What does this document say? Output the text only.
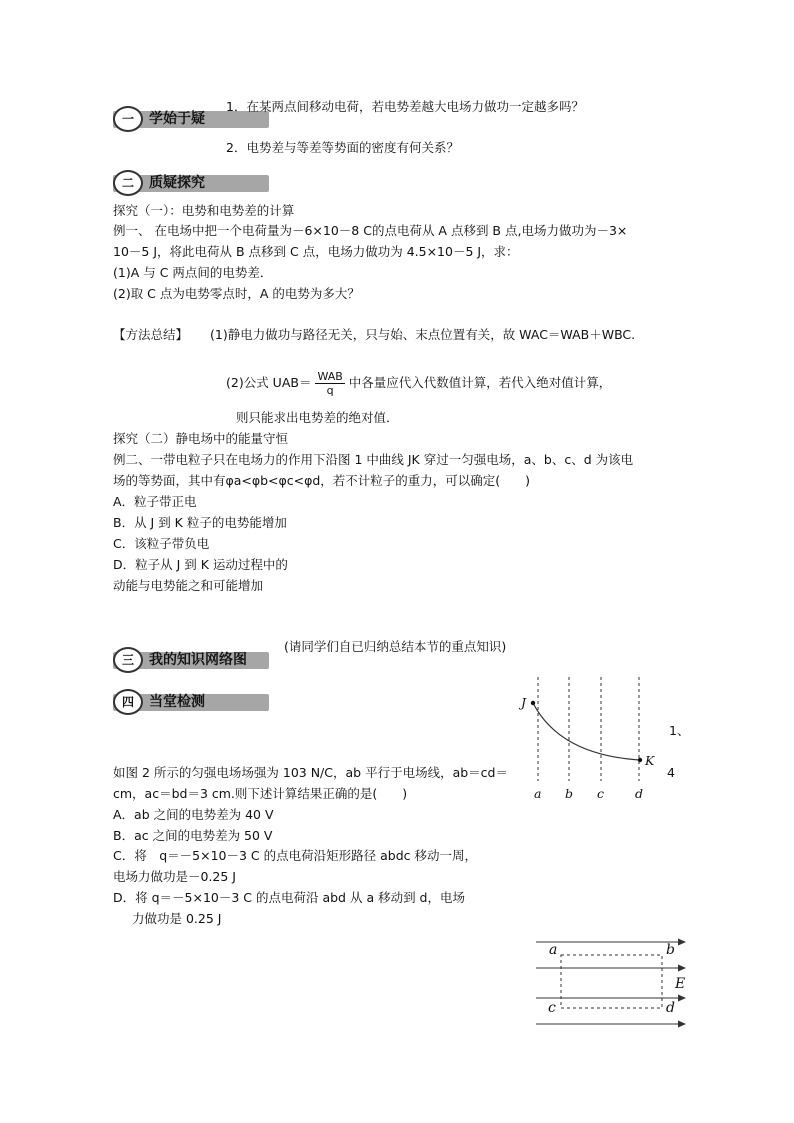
一	学始于疑
1．在某两点间移动电荷，若电势差越大电场力做功一定越多吗？
2．电势差与等差等势面的密度有何关系？
二	质疑探究
探究（一）：电势和电势差的计算
例一、 在电场中把一个电荷量为－6×10－8 C的点电荷从 A 点移到 B 点,电场力做功为－3×
10－5 J，将此电荷从 B 点移到 C 点，电场力做功为 4.5×10－5 J，求：
(1)A 与 C 两点间的电势差．
(2)取 C 点为电势零点时，A 的电势为多大？
【方法总结】 (1)静电力做功与路径无关，只与始、末点位置有关，故 WAC＝WAB＋WBC.
(2)公式 $UAB= \frac{\text{WAB}}{q}$ 中各量应代入代数值计算，若代入绝对值计算，
则只能求出电势差的绝对值．
探究（二）静电场中的能量守恒
例二、一带电粒子只在电场力的作用下沿图 1 中曲线 JK 穿过一匀强电场，a、b、c、d 为该电
场的等势面，其中有φa<φb<φc<φd，若不计粒子的重力，可以确定(　　)
A．粒子带正电
B．从 J 到 K 粒子的电势能增加
C．该粒子带负电
D．粒子从 J 到 K 运动过程中的
动能与电势能之和可能增加
(请同学们自已归纳总结本节的重点知识)
三	我的知识网络图
四	当堂检测	J
K
a b c d
1、
4
如图 2 所示的匀强电场场强为 103 N/C，ab 平行于电场线，ab＝cd＝
cm，ac＝bd＝3 cm.则下述计算结果正确的是(　　)
A．ab 之间的电势差为 40 V
B．ac 之间的电势差为 50 V
C．将　q＝－5×10－3 C 的点电荷沿矩形路径 abdc 移动一周，
电场力做功是－0.25 J
D．将 q＝－5×10－3 C 的点电荷沿 abd 从 a 移动到 d，电场
力做功是 0.25 J
a	b
c	d
E
